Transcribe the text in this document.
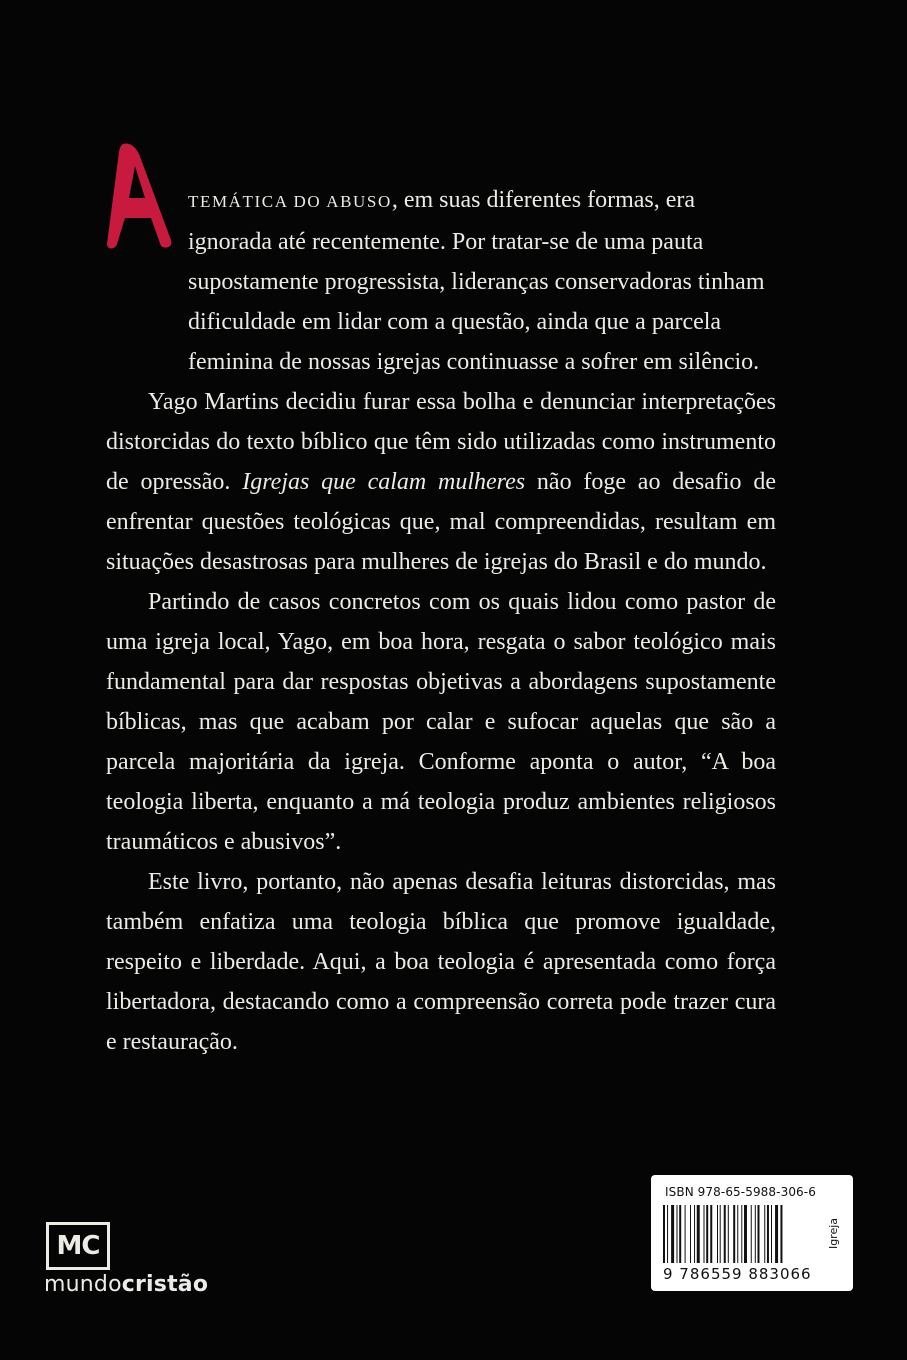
TEMÁTICA DO ABUSO, em suas diferentes formas, era ignorada até recentemente. Por tratar-se de uma pauta supostamente progressista, lideranças conservadoras tinham dificuldade em lidar com a questão, ainda que a parcela feminina de nossas igrejas continuasse a sofrer em silêncio.

Yago Martins decidiu furar essa bolha e denunciar interpretações distorcidas do texto bíblico que têm sido utilizadas como instrumento de opressão. Igrejas que calam mulheres não foge ao desafio de enfrentar questões teológicas que, mal compreendidas, resultam em situações desastrosas para mulheres de igrejas do Brasil e do mundo.

Partindo de casos concretos com os quais lidou como pastor de uma igreja local, Yago, em boa hora, resgata o sabor teológico mais fundamental para dar respostas objetivas a abordagens supostamente bíblicas, mas que acabam por calar e sufocar aquelas que são a parcela majoritária da igreja. Conforme aponta o autor, “A boa teologia liberta, enquanto a má teologia produz ambientes religiosos traumáticos e abusivos”.

Este livro, portanto, não apenas desafia leituras distorcidas, mas também enfatiza uma teologia bíblica que promove igualdade, respeito e liberdade. Aqui, a boa teologia é apresentada como força libertadora, destacando como a compreensão correta pode trazer cura e restauração.

MC
mundocristão
ISBN 978-65-5988-306-6
9 786559 883066
Igreja
